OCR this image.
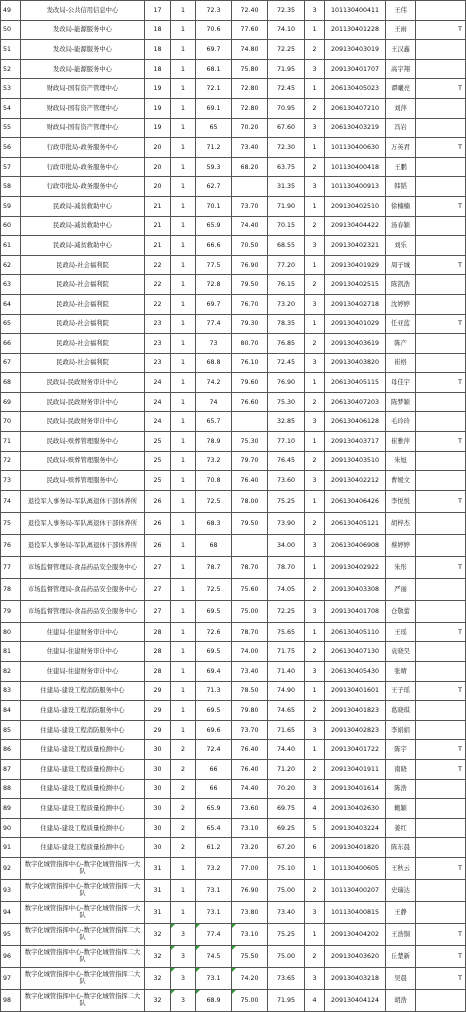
49	发改局-公共信用信息中心	17	1	72.3	72.40	72.35	3	101130400411	王伟	
50	发改局-能源服务中心	18	1	70.6	77.60	74.10	1	201130401228	王雨	T
51	发改局-能源服务中心	18	1	69.7	74.80	72.25	2	209130403019	王汉鑫	
52	发改局-能源服务中心	18	1	68.1	75.80	71.95	3	209130401707	高宇翔	
53	财政局-国有资产管理中心	19	1	72.1	72.80	72.45	1	206130405023	谭曦亮	T
54	财政局-国有资产管理中心	19	1	69.1	72.80	70.95	2	206130407210	刘萍	
55	财政局-国有资产管理中心	19	1	65	70.20	67.60	3	206130403219	冯岩	
56	行政审批局-政务服务中心	20	1	71.2	73.40	72.30	1	101130400630	万英君	T
57	行政审批局-政务服务中心	20	1	59.3	68.20	63.75	2	101130400418	王鹏	
58	行政审批局-政务服务中心	20	1	62.7		31.35	3	101130400913	韩韬	
59	民政局-减贫救助中心	21	1	70.1	73.70	71.90	1	209130402510	徐楠楠	T
60	民政局-减贫救助中心	21	1	65.9	74.40	70.15	2	209130404422	汤春颖	
61	民政局-减贫救助中心	21	1	66.6	70.50	68.55	3	209130402321	刘乐	
62	民政局-社会福利院	22	1	77.5	76.90	77.20	1	209130401929	周子城	T
63	民政局-社会福利院	22	1	72.8	79.50	76.15	2	209130402515	陈凯浩	
64	民政局-社会福利院	22	1	69.7	76.70	73.20	3	209130402718	沈婷婷	
65	民政局-社会福利院	23	1	77.4	79.30	78.35	1	209130401029	任亚蓝	T
66	民政局-社会福利院	23	1	73	80.70	76.85	2	209130403619	陈产	
67	民政局-社会福利院	23	1	68.8	76.10	72.45	3	209130403820	崔格	
68	民政局-民政财务审计中心	24	1	74.2	79.60	76.90	1	206130405115	母佳宇	T
69	民政局-民政财务审计中心	24	1	74	76.60	75.30	2	206130407203	陈梦颖	
70	民政局-民政财务审计中心	24	1	65.7		32.85	3	206130406128	毛玲玲	
71	民政局-殡葬管理服务中心	25	1	78.9	75.30	77.10	1	209130403717	崔雅萍	T
72	民政局-殡葬管理服务中心	25	1	73.2	79.70	76.45	2	209130403510	朱旭	
73	民政局-殡葬管理服务中心	25	1	70.8	76.40	73.60	3	209130402212	曹媛文	
74	退役军人事务局-军队离退休干部休养所	26	1	72.5	78.00	75.25	1	206130406426	李悦悦	T
75	退役军人事务局-军队离退休干部休养所	26	1	68.3	79.50	73.90	2	206130405121	胡梓杰	
76	退役军人事务局-军队离退休干部休养所	26	1	68		34.00	3	206130406908	蔡婷婷	
77	市场监督管理局-食品药品安全服务中心	27	1	78.7	78.70	78.70	1	209130402922	朱彤	T
78	市场监督管理局-食品药品安全服务中心	27	1	72.5	75.60	74.05	2	209130403308	严丽	
79	市场监督管理局-食品药品安全服务中心	27	1	69.5	75.00	72.25	3	209130401708	仓敬蕾	
80	住建局-住建财务审计中心	28	1	72.6	78.70	75.65	1	206130405110	王瑶	T
81	住建局-住建财务审计中心	28	1	69.5	74.00	71.75	2	206130407130	袁晓昊	
82	住建局-住建财务审计中心	28	1	69.4	73.40	71.40	3	206130405430	张晴	
83	住建局-建设工程消防服务中心	29	1	71.3	78.50	74.90	1	209130401601	王子瑶	T
84	住建局-建设工程消防服务中心	29	1	69.5	79.80	74.65	2	209130401823	葛晓琪	
85	住建局-建设工程消防服务中心	29	1	69.6	73.70	71.65	3	209130402823	李娟娟	
86	住建局-建设工程质量检测中心	30	2	72.4	76.40	74.40	1	209130401722	陈宇	T
87	住建局-建设工程质量检测中心	30	2	66	76.40	71.20	2	209130401911	南晓	T
88	住建局-建设工程质量检测中心	30	2	66	74.40	70.20	3	209130401614	陈浩	
89	住建局-建设工程质量检测中心	30	2	65.9	73.60	69.75	4	209130402630	鲍颖	
90	住建局-建设工程质量检测中心	30	2	65.4	73.10	69.25	5	209130403224	姜红	
91	住建局-建设工程质量检测中心	30	2	61.2	73.20	67.20	6	209130401820	陈东晨	
92	数字化城管指挥中心-数字化城管指挥一大队	31	1	73.2	77.00	75.10	1	101130400605	王秋云	T
93	数字化城管指挥中心-数字化城管指挥一大队	31	1	73.1	76.90	75.00	2	101130400207	史瑞达	
94	数字化城管指挥中心-数字化城管指挥一大队	31	1	73.1	73.80	73.40	3	101130400815	王静	
95	数字化城管指挥中心-数字化城管指挥二大队	32	3	77.4	73.10	75.25	1	209130404202	王浩铜	T
96	数字化城管指挥中心-数字化城管指挥二大队	32	3	74.5	75.50	75.00	2	209130403620	丘楚新	T
97	数字化城管指挥中心-数字化城管指挥二大队	32	3	73.1	74.20	73.65	3	209130403218	吴晨	T
98	数字化城管指挥中心-数字化城管指挥二大队	32	3	68.9	75.00	71.95	4	209130404124	胡浩	
